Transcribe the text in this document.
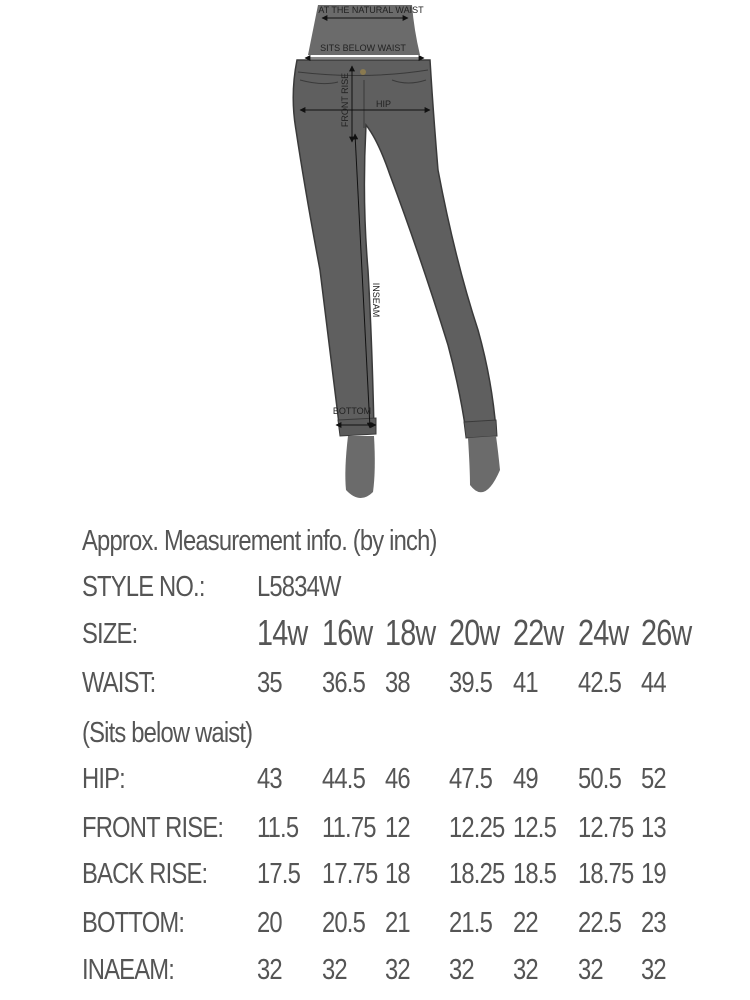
AT THE NATURAL WAIST
SITS BELOW WAIST
FRONT RISE	HIP
INSEAM
BOTTOM
Approx. Measurement info. (by inch)
STYLE NO.: L5834W
SIZE:	14w 16w 18w 20w 22w 24w 26w
(Sits below waist)
WAIST:	35 36.5 38 39.5 41 42.5 44
HIP:	43 44.5 46 47.5 49 50.5 52
FRONT RISE: 11.5 11.75 12 12.25 12.5 12.75 13
BACK RISE: 17.5 17.75 18 18.25 18.5 18.75 19
BOTTOM:	20 20.5 21 21.5 22 22.5 23
INAEAM:	32 32 32 32 32 32 32
